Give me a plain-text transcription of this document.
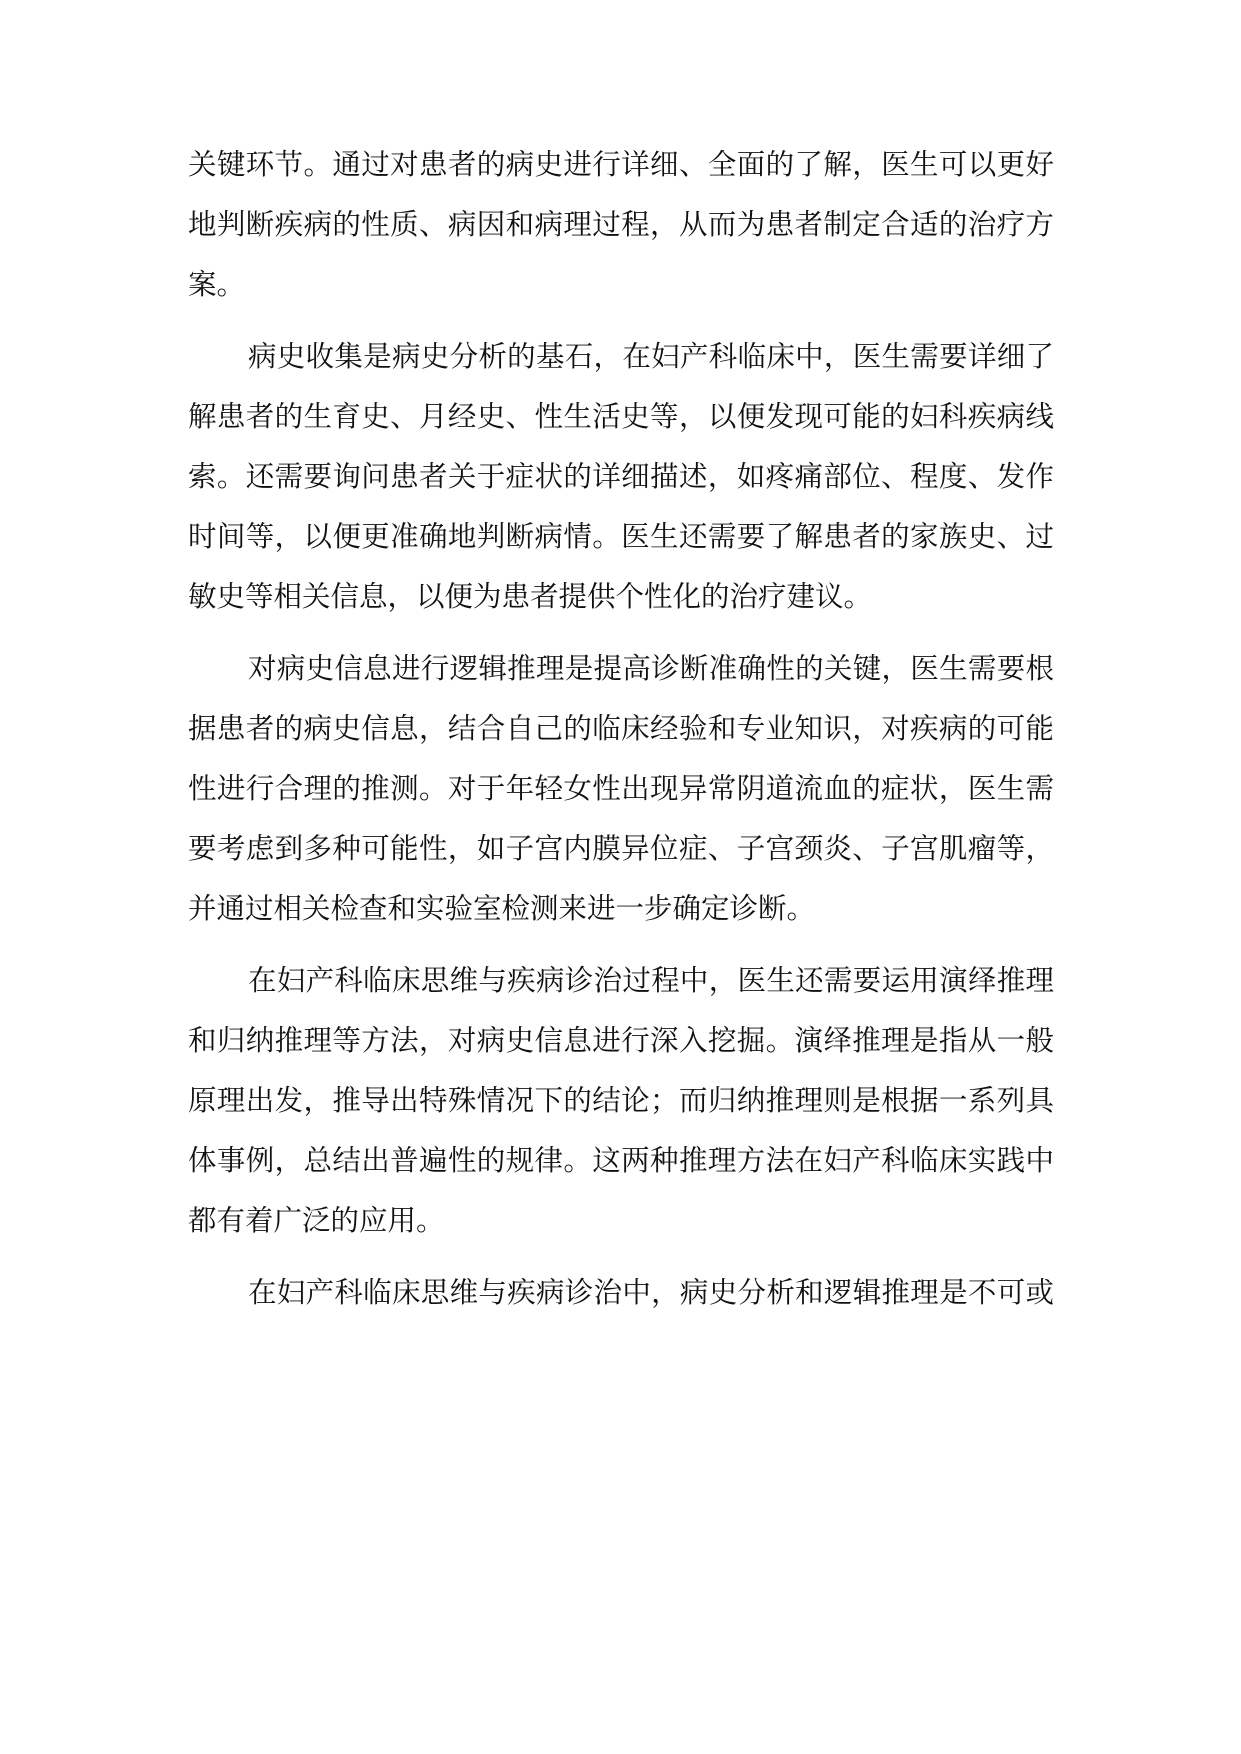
关键环节。通过对患者的病史进行详细、全面的了解，医生可以更好
地判断疾病的性质、病因和病理过程，从而为患者制定合适的治疗方
案。
病史收集是病史分析的基石，在妇产科临床中，医生需要详细了
解患者的生育史、月经史、性生活史等，以便发现可能的妇科疾病线
索。还需要询问患者关于症状的详细描述，如疼痛部位、程度、发作
时间等，以便更准确地判断病情。医生还需要了解患者的家族史、过
敏史等相关信息，以便为患者提供个性化的治疗建议。
对病史信息进行逻辑推理是提高诊断准确性的关键，医生需要根
据患者的病史信息，结合自己的临床经验和专业知识，对疾病的可能
性进行合理的推测。对于年轻女性出现异常阴道流血的症状，医生需
要考虑到多种可能性，如子宫内膜异位症、子宫颈炎、子宫肌瘤等，
并通过相关检查和实验室检测来进一步确定诊断。
在妇产科临床思维与疾病诊治过程中，医生还需要运用演绎推理
和归纳推理等方法，对病史信息进行深入挖掘。演绎推理是指从一般
原理出发，推导出特殊情况下的结论；而归纳推理则是根据一系列具
体事例，总结出普遍性的规律。这两种推理方法在妇产科临床实践中
都有着广泛的应用。
在妇产科临床思维与疾病诊治中，病史分析和逻辑推理是不可或
